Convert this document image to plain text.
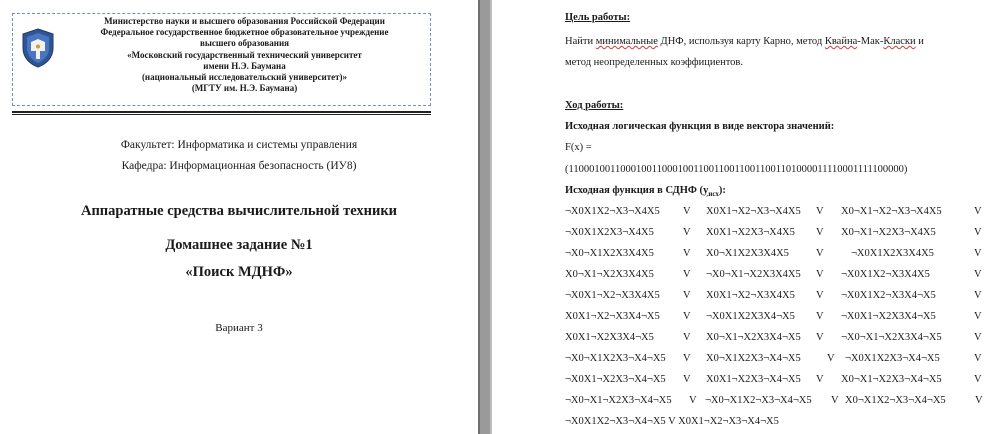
Министерство науки и высшего образования Российской Федерации
Федеральное государственное бюджетное образовательное учреждение
высшего образования
«Московский государственный технический университет
имени Н.Э. Баумана
(национальный исследовательский университет)»
(МГТУ им. Н.Э. Баумана)
Факультет: Информатика и системы управления
Кафедра: Информационная безопасность (ИУ8)
Аппаратные средства вычислительной техники
Домашнее задание №1
«Поиск МДНФ»
Вариант 3
Цель работы:
Найти минимальные ДНФ, используя карту Карно, метод Квайна-Мак-Класки и
метод неопределенных коэффициентов.
Ход работы:
Исходная логическая функция в виде вектора значений:
F(x) =
(11000100110001001100010011001100110011001101000011110001111100000)
Исходная функция в СДНФ $(у_{исх})$:
¬X0X1X2¬X3¬X4X5 V X0X1¬X2¬X3¬X4X5 V X0¬X1¬X2¬X3¬X4X5	V
¬X0X1X2X3¬X4X5	V X0X1¬X2X3¬X4X5 V X0¬X1¬X2X3¬X4X5	V
¬X0¬X1X2X3X4X5	V X0¬X1X2X3X4X5	V	¬X0X1X2X3X4X5	V
X0¬X1¬X2X3X4X5	V ¬X0¬X1¬X2X3X4X5 V ¬X0X1X2¬X3X4X5	V
¬X0X1¬X2¬X3X4X5 V X0X1¬X2¬X3X4X5 V ¬X0X1X2¬X3X4¬X5	V
X0X1¬X2¬X3X4¬X5 V ¬X0X1X2X3X4¬X5 V ¬X0X1¬X2X3X4¬X5	V
X0X1¬X2X3X4¬X5	V X0¬X1¬X2X3X4¬X5 V ¬X0¬X1¬X2X3X4¬X5	V
¬X0¬X1X2X3¬X4¬X5 V X0¬X1X2X3¬X4¬X5 V ¬X0X1X2X3¬X4¬X5	V
¬X0X1¬X2X3¬X4¬X5 V X0X1¬X2X3¬X4¬X5 V X0¬X1¬X2X3¬X4¬X5	V
¬X0¬X1¬X2X3¬X4¬X5 V ¬X0¬X1X2¬X3¬X4¬X5 V X0¬X1X2¬X3¬X4¬X5	V
¬X0X1X2¬X3¬X4¬X5 V X0X1¬X2¬X3¬X4¬X5
